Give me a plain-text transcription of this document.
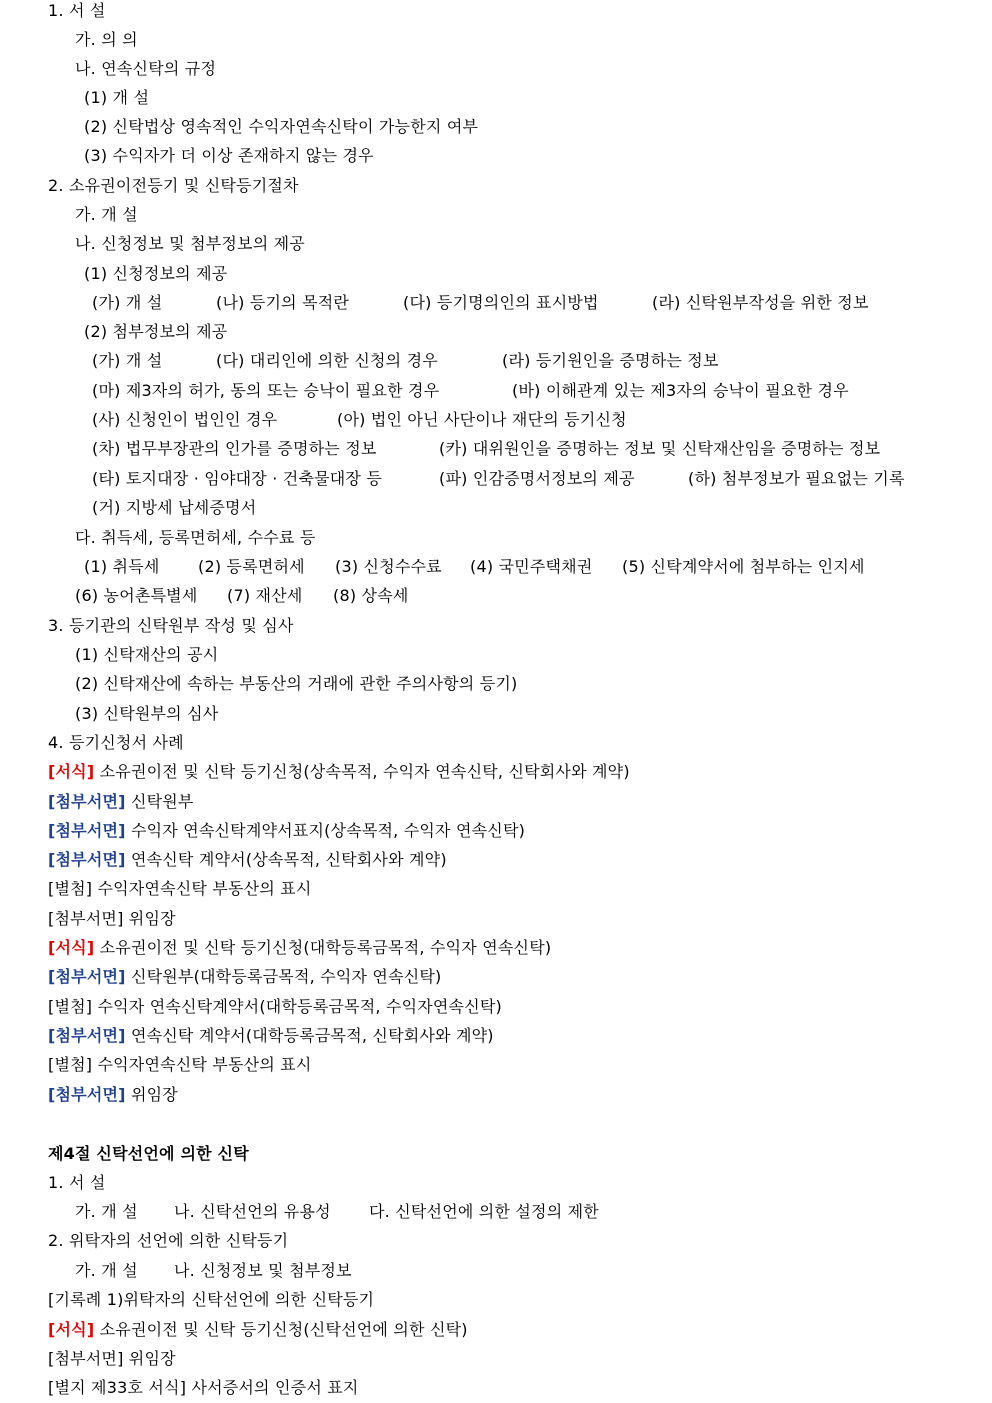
1. 서 설
가. 의 의
나. 연속신탁의 규정
(1) 개 설
(2) 신탁법상 영속적인 수익자연속신탁이 가능한지 여부
(3) 수익자가 더 이상 존재하지 않는 경우
2. 소유권이전등기 및 신탁등기절차
가. 개 설
나. 신청정보 및 첨부정보의 제공
(1) 신청정보의 제공
(가) 개 설	(나) 등기의 목적란	(다) 등기명의인의 표시방법	(라) 신탁원부작성을 위한 정보
(2) 첨부정보의 제공
(가) 개 설	(다) 대리인에 의한 신청의 경우	(라) 등기원인을 증명하는 정보
(마) 제3자의 허가, 동의 또는 승낙이 필요한 경우	(바) 이해관계 있는 제3자의 승낙이 필요한 경우
(사) 신청인이 법인인 경우	(아) 법인 아닌 사단이나 재단의 등기신청
(차) 법무부장관의 인가를 증명하는 정보	(카) 대위원인을 증명하는 정보 및 신탁재산임을 증명하는 정보
(타) 토지대장 · 임야대장 · 건축물대장 등	(파) 인감증명서정보의 제공	(하) 첨부정보가 필요없는 기록
(거) 지방세 납세증명서
다. 취득세, 등록면허세, 수수료 등
(1) 취득세 (2) 등록면허세 (3) 신청수수료 (4) 국민주택채권 (5) 신탁계약서에 첨부하는 인지세
(6) 농어촌특별세 (7) 재산세 (8) 상속세
3. 등기관의 신탁원부 작성 및 심사
(1) 신탁재산의 공시
(2) 신탁재산에 속하는 부동산의 거래에 관한 주의사항의 등기)
(3) 신탁원부의 심사
4. 등기신청서 사례
[서식] 소유권이전 및 신탁 등기신청(상속목적, 수익자 연속신탁, 신탁회사와 계약)
[첨부서면] 신탁원부
[첨부서면] 수익자 연속신탁계약서표지(상속목적, 수익자 연속신탁)
[첨부서면] 연속신탁 계약서(상속목적, 신탁회사와 계약)
[별첨] 수익자연속신탁 부동산의 표시
[첨부서면] 위임장
[서식] 소유권이전 및 신탁 등기신청(대학등록금목적, 수익자 연속신탁)
[첨부서면] 신탁원부(대학등록금목적, 수익자 연속신탁)
[별첨] 수익자 연속신탁계약서(대학등록금목적, 수익자연속신탁)
[첨부서면] 연속신탁 계약서(대학등록금목적, 신탁회사와 계약)
[별첨] 수익자연속신탁 부동산의 표시
[첨부서면] 위임장
제4절 신탁선언에 의한 신탁
1. 서 설
가. 개 설 나. 신탁선언의 유용성 다. 신탁선언에 의한 설정의 제한
2. 위탁자의 선언에 의한 신탁등기
가. 개 설 나. 신청정보 및 첨부정보
[기록례 1)위탁자의 신탁선언에 의한 신탁등기
[서식] 소유권이전 및 신탁 등기신청(신탁선언에 의한 신탁)
[첨부서면] 위임장
[별지 제33호 서식] 사서증서의 인증서 표지
